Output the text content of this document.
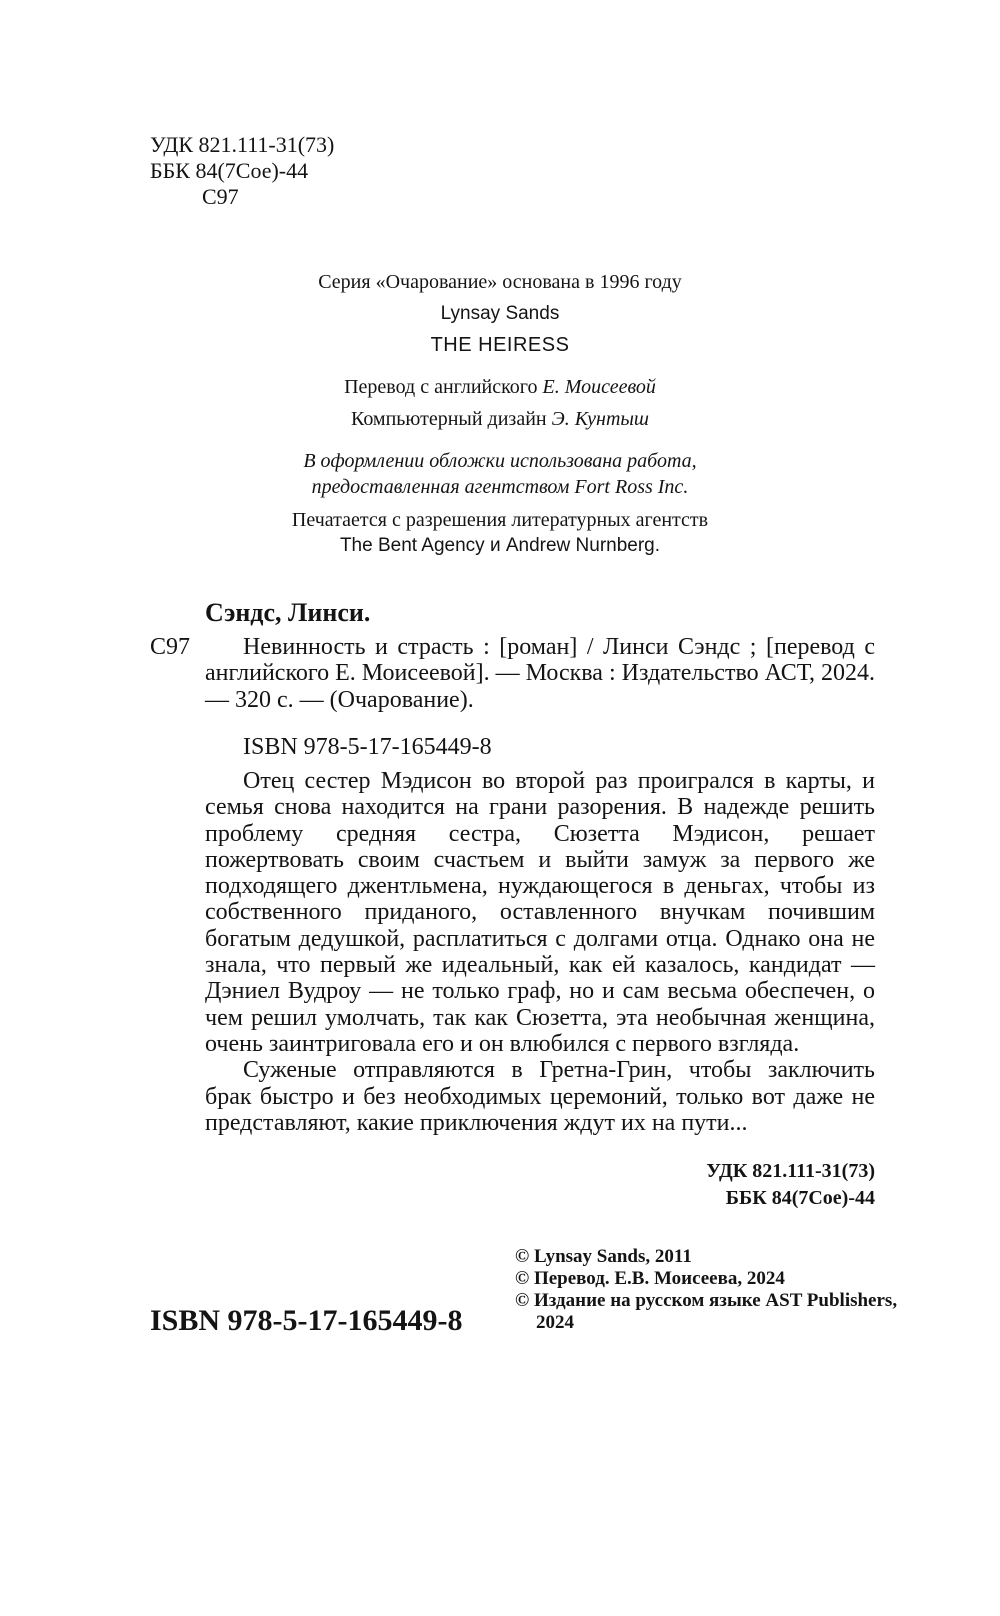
УДК 821.111-31(73)
ББК 84(7Сое)-44
С97
Серия «Очарование» основана в 1996 году
Lynsay Sands
THE HEIRESS
Перевод с английского Е. Моисеевой
Компьютерный дизайн Э. Кунтыш
В оформлении обложки использована работа,
предоставленная агентством Fort Ross Inc.
Печатается с разрешения литературных агентств
The Bent Agency и Andrew Nurnberg.
Сэндс, Линси.
С97	Невинность и страсть : [роман] / Линси Сэндс ; [перевод с английского Е. Моисеевой]. — Москва : Издательство АСТ, 2024. — 320 с. — (Очарование).
ISBN 978-5-17-165449-8

Отец сестер Мэдисон во второй раз проигрался в карты, и семья снова находится на грани разорения. В надежде решить проблему средняя сестра, Сюзетта Мэдисон, решает пожертвовать своим счастьем и выйти замуж за первого же подходящего джентльмена, нуждающегося в деньгах, чтобы из собственного приданого, оставленного внучкам почившим богатым дедушкой, расплатиться с долгами отца. Однако она не знала, что первый же идеальный, как ей казалось, кандидат — Дэниел Вудроу — не только граф, но и сам весьма обеспечен, о чем решил умолчать, так как Сюзетта, эта необычная женщина, очень заинтриговала его и он влюбился с первого взгляда.

Суженые отправляются в Гретна-Грин, чтобы заключить брак быстро и без необходимых церемоний, только вот даже не представляют, какие приключения ждут их на пути...

УДК 821.111-31(73)
ББК 84(7Сое)-44
© Lynsay Sands, 2011
© Перевод. Е.В. Моисеева, 2024
© Издание на русском языке AST Publishers,
2024
ISBN 978-5-17-165449-8
